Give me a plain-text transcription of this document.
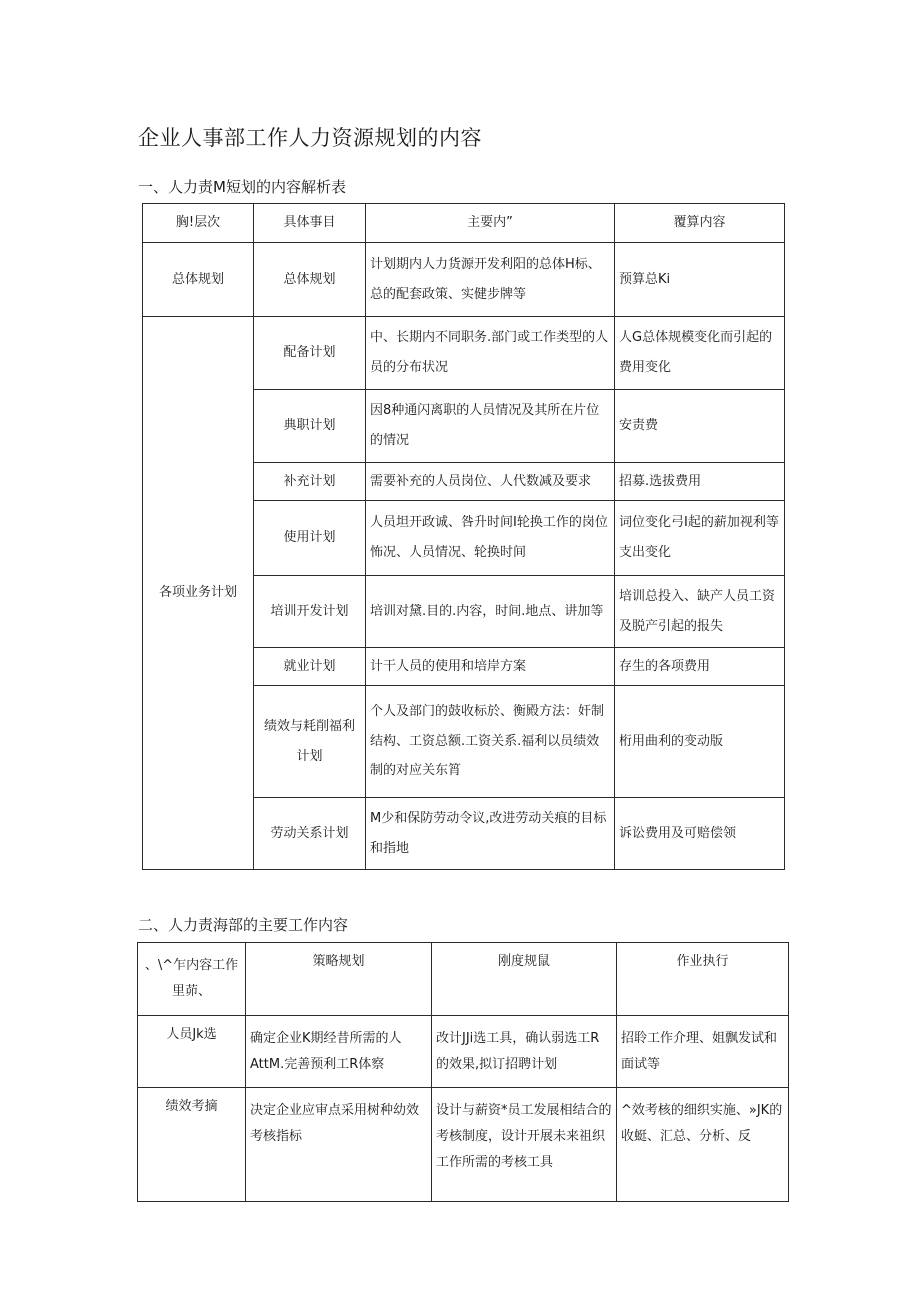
企业人事部工作人力资源规划的内容
一、人力责M短划的内容解析表
胸!层次	具体事目	主要内”	覆算内容
总体规划	总体规划	计划期内人力货源开发利阳的总体H标、总的配套政策、实健步牌等	预算总Ki
各项业务计划	配备计划	中、长期内不同职务.部门或工作类型的人员的分布状况	人G总体规模变化而引起的费用变化
	典职计划	因8种通闪离职的人员情况及其所在片位的情况	安责费
	补充计划	需要补充的人员岗位、人代数减及要求	招募.选拔费用
	使用计划	人员坦开政诚、咎升时间I轮换工作的岗位怖况、人员情况、轮换时间	词位变化弓I起的薪加视利等支出变化
	培训开发计划	培训对黛.目的.内容，时间.地点、讲加等	培训总投入、缺产人员工资及脱产引起的报失
	就业计划	计干人员的使用和培岸方案	存生的各项费用
	绩效与耗削福利计划	个人及部门的鼓收标於、衡殿方法：奸制结构、工资总额.工资关系.福利以员绩效制的对应关东筲	桁用曲利的变动版
	劳动关系计划	M少和保防劳动令议,改进劳动关痕的目标和指地	诉讼费用及可赔偿领
二、人力责海部的主要工作内容
、\^乍内容工作里茆、	策略规划	刚度规鼠	作业执行
人员Jk选	确定企业K期经昔所需的人AttM.完善预利工R体察	改计JJi选工具，确认弱选工R的效果,拟订招聘计划	招聆工作介理、姐飘发试和面试等
绩效考摘	决定企业应审点采用树种幼效考核指标	设计与薪资*员工发展相结合的考核制度，设计开展未来祖织工作所需的考核工具	^效考核的细织实施、»JK的收蜓、汇总、分析、反
